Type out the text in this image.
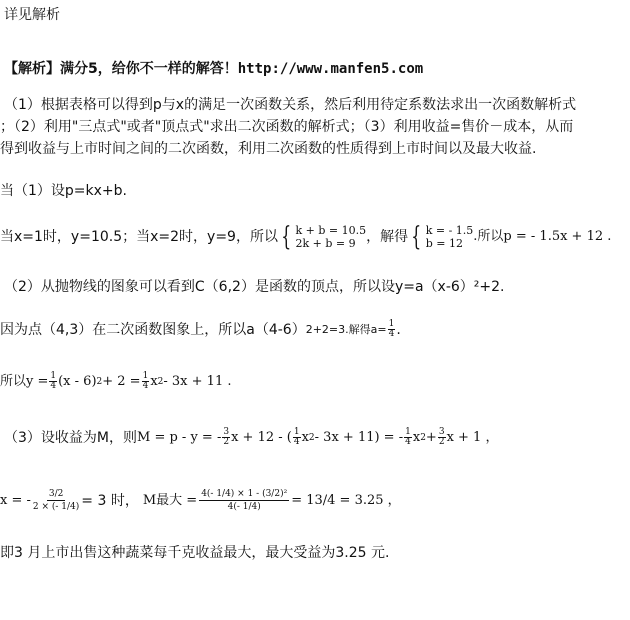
详见解析
【解析】满分5，给你不一样的解答！http://www.manfen5.com
（1）根据表格可以得到p与x的满足一次函数关系，然后利用待定系数法求出一次函数解析式
；（2）利用"三点式"或者"顶点式"求出二次函数的解析式；（3）利用收益=售价－成本，从而
得到收益与上市时间之间的二次函数，利用二次函数的性质得到上市时间以及最大收益.
当（1）设p=kx+b.
当x=1时，y=10.5；当x=2时，y=9，所以 { k + b = 10.5
2k + b = 9 ，解得 { k = - 1.5
b = 12 .所以p = - 1.5x + 12 .
（2）从抛物线的图象可以看到C（6,2）是函数的顶点，所以设y=a（x-6）²+2.
因为点（4,3）在二次函数图象上，所以a（4-6） 2+2=3.解得$a= \frac{1}{4}$ .
所以$y = \frac{1}{4} (x - 6) 2 + 2 = \frac{1}{4}$ x 2 - 3x + 11 .
（3）设收益为M，则 M = p - y = - $\frac{3}{2}$ x + 12 - ( $\frac{1}{4}$ x 2 - 3x + 11) = - $\frac{1}{4}$ x $2 + \frac{3}{2}$ x + 1 ，
x = - $\frac{3/2}{2 \times (- 1/4)} = 3$ 时， M最大 = $\frac{\text{4(- 1/4) × 1 - (3/2)²}}{4(- 1/4)} = 13/4 = 3.25$ ，
即3 月上市出售这种蔬菜每千克收益最大，最大受益为3.25 元.
